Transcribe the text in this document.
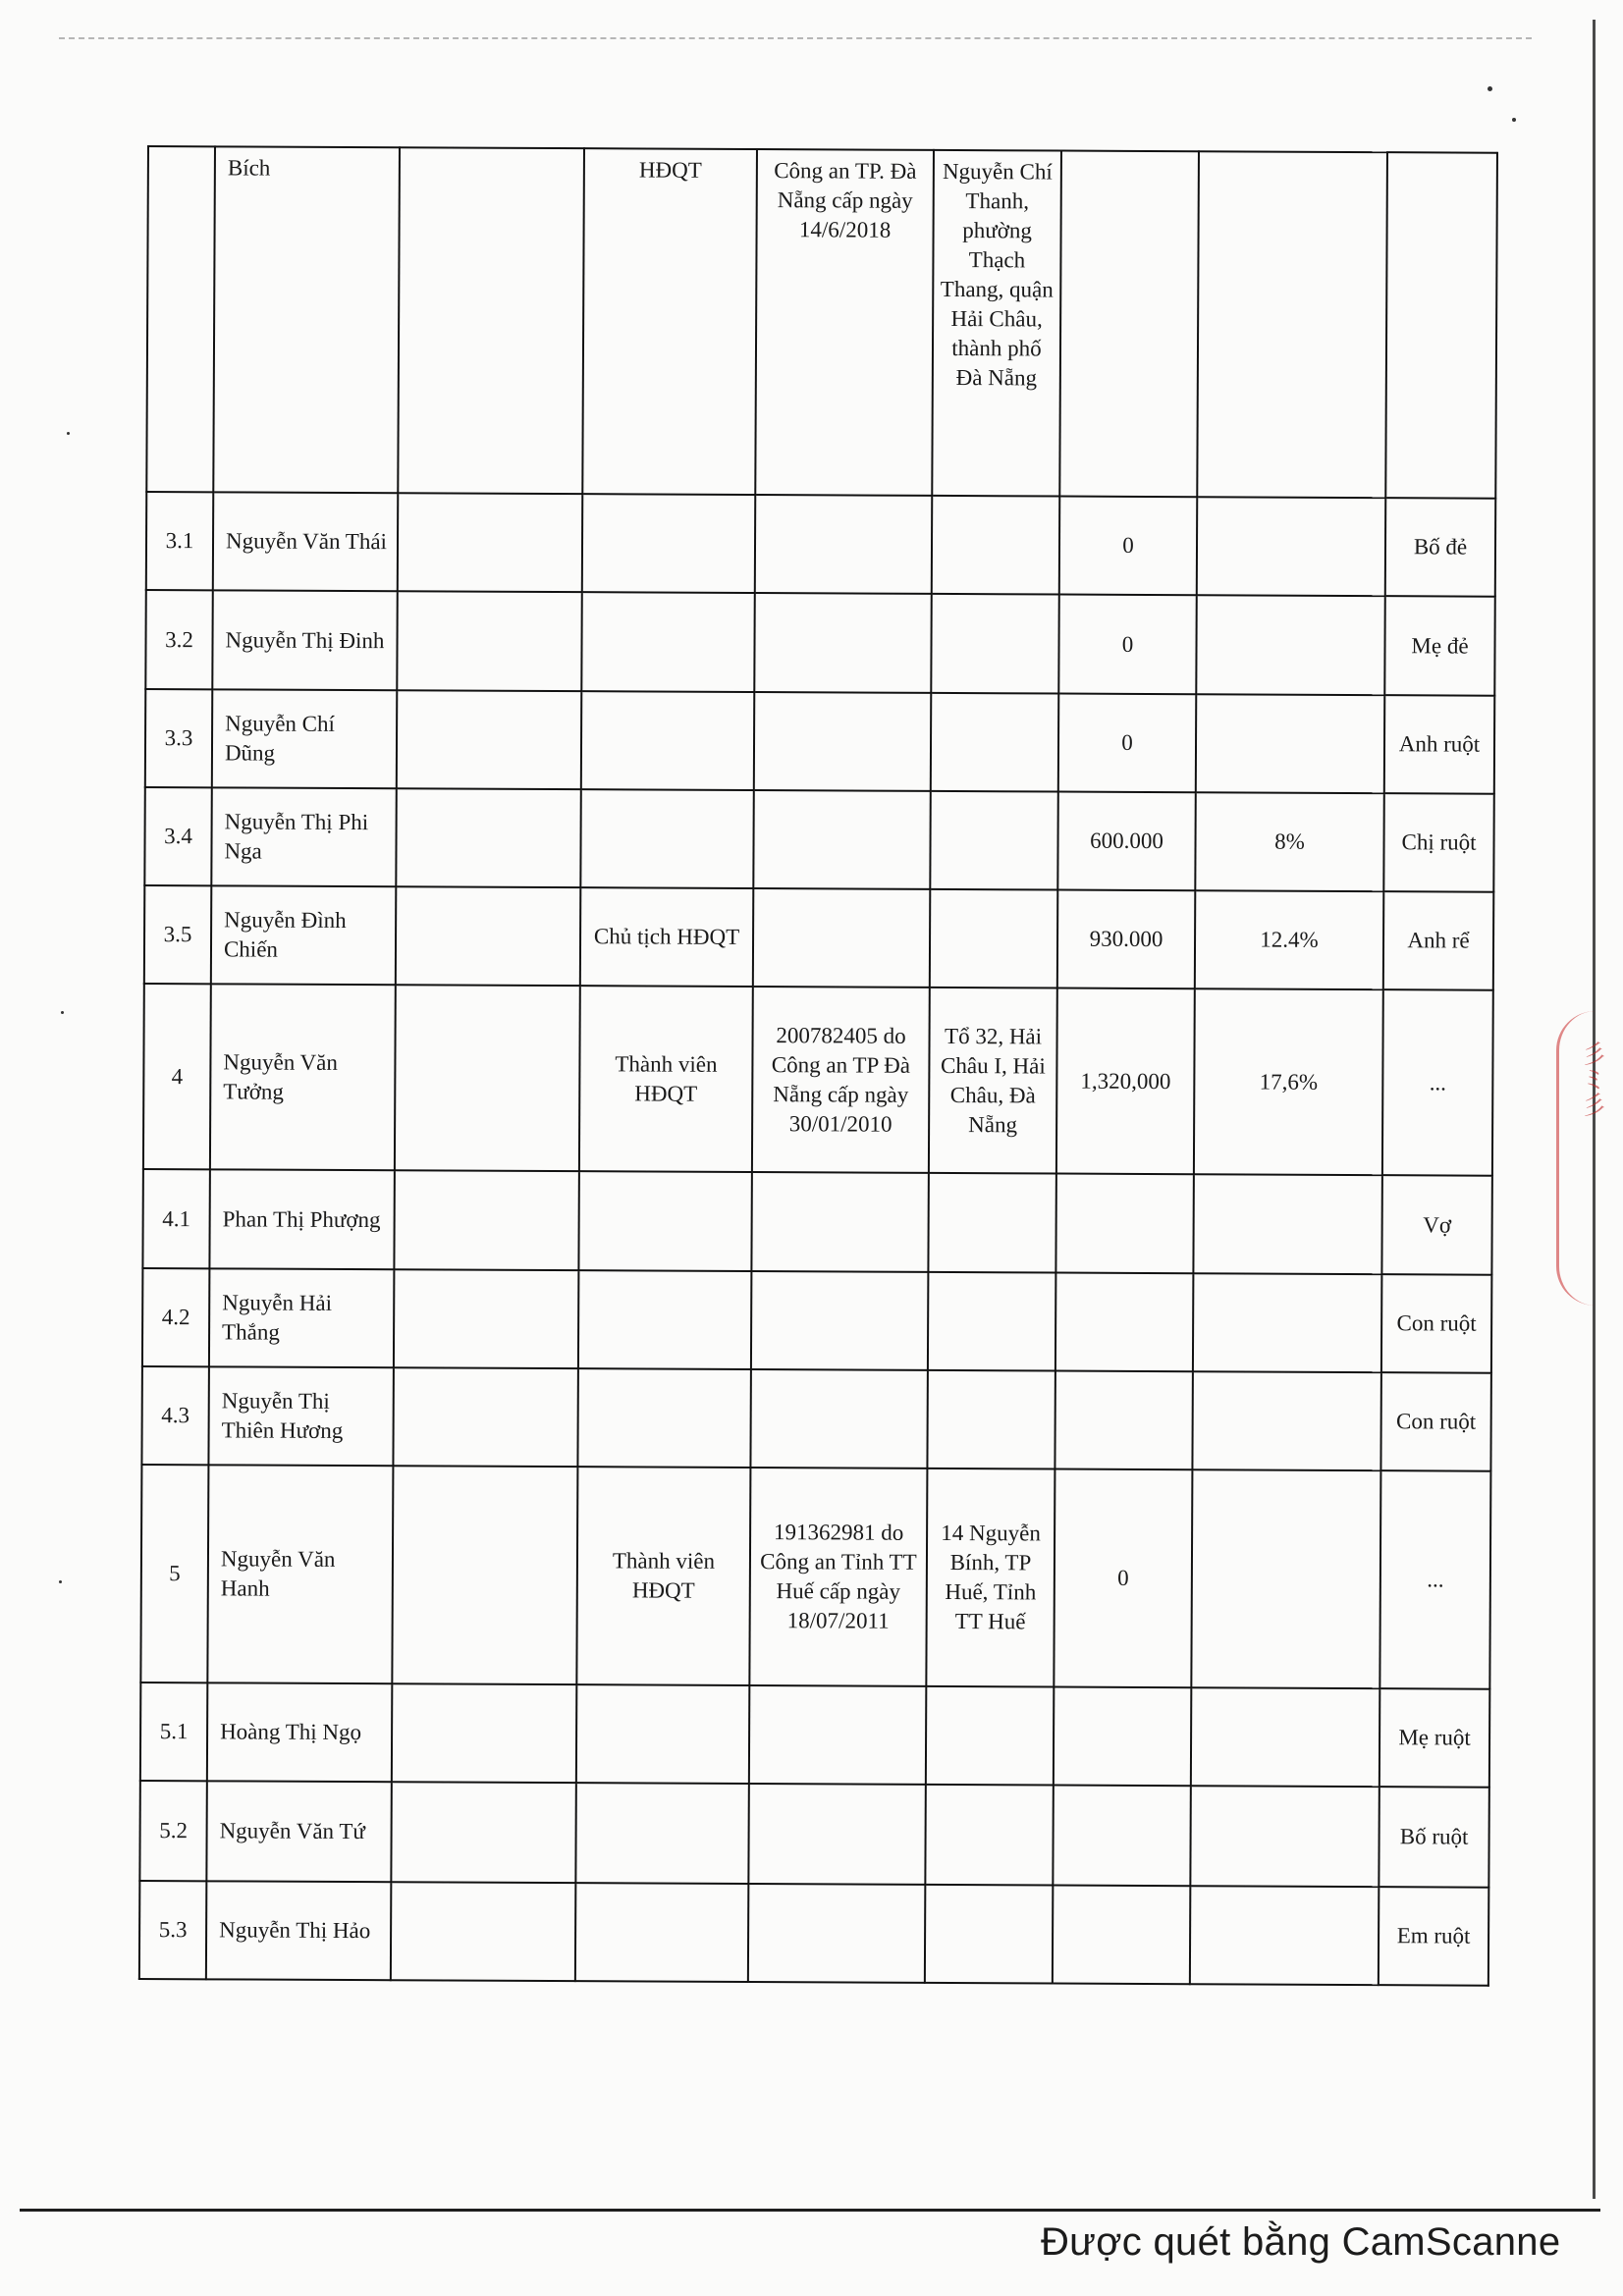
彡ミ彡
	Bích		HĐQT	Công an TP. Đà Nẵng cấp ngày 14/6/2018	Nguyễn Chí Thanh, phường Thạch Thang, quận Hải Châu, thành phố Đà Nẵng			
3.1	Nguyễn Văn Thái					0		Bố đẻ
3.2	Nguyễn Thị Đinh					0		Mẹ đẻ
3.3	Nguyễn Chí Dũng					0		Anh ruột
3.4	Nguyễn Thị Phi Nga					600.000	8%	Chị ruột
3.5	Nguyễn Đình Chiến		Chủ tịch HĐQT			930.000	12.4%	Anh rể
4	Nguyễn Văn Tưởng		Thành viên HĐQT	200782405 do Công an TP Đà Nẵng cấp ngày 30/01/2010	Tổ 32, Hải Châu I, Hải Châu, Đà Nẵng	1,320,000	17,6%	...
4.1	Phan Thị Phượng							Vợ
4.2	Nguyễn Hải Thắng							Con ruột
4.3	Nguyễn Thị Thiên Hương							Con ruột
5	Nguyễn Văn Hanh		Thành viên HĐQT	191362981 do Công an Tỉnh TT Huế cấp ngày 18/07/2011	14 Nguyễn Bính, TP Huế, Tỉnh TT Huế	0		...
5.1	Hoàng Thị Ngọ							Mẹ ruột
5.2	Nguyễn Văn Tứ							Bố ruột
5.3	Nguyễn Thị Hảo							Em ruột
Được quét bằng CamScanne
